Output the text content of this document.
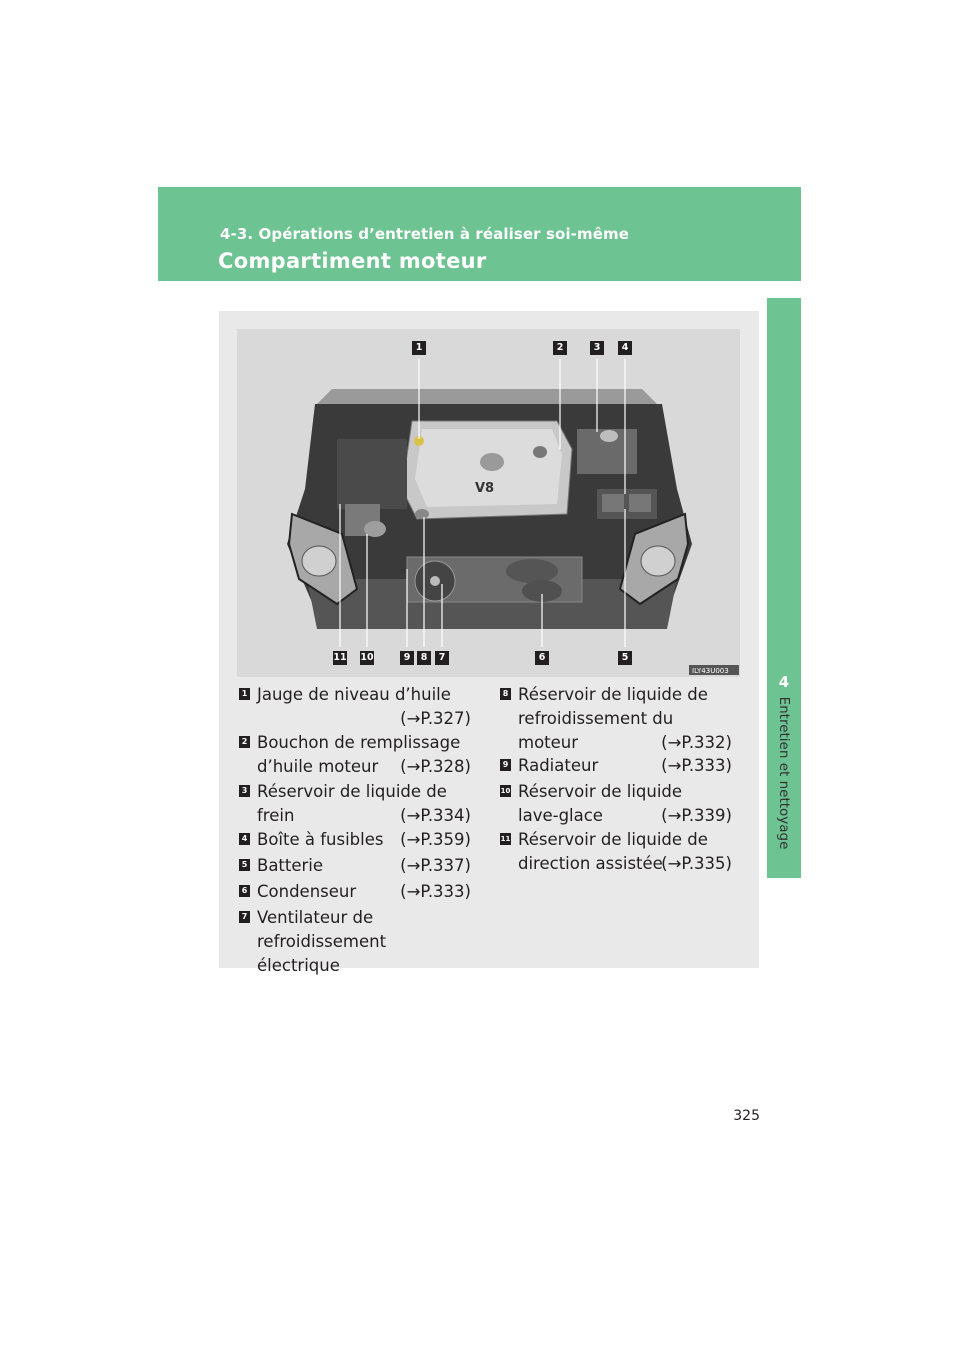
4-3. Opérations d’entretien à réaliser soi-même
Compartiment moteur
4
Entretien et nettoyage
V8
ILY43U003
1	2	3	4
5
6
7
8
9
10
11
1 Jauge de niveau d’huile
(→P.327)
2 Bouchon de remplissage
d’huile moteur	(→P.328)
3 Réservoir de liquide de frein	(→P.334)
4 Boîte à fusibles (→P.359)
5 Batterie	(→P.337)
6 Condenseur	(→P.333)
7 Ventilateur de refroidissement
électrique
8 Réservoir de liquide de
refroidissement du moteur	(→P.332)
9 Radiateur	(→P.333)
10 Réservoir de liquide
lave-glace	(→P.339)
11 Réservoir de liquide de
direction assistée
(→P.335)
325
